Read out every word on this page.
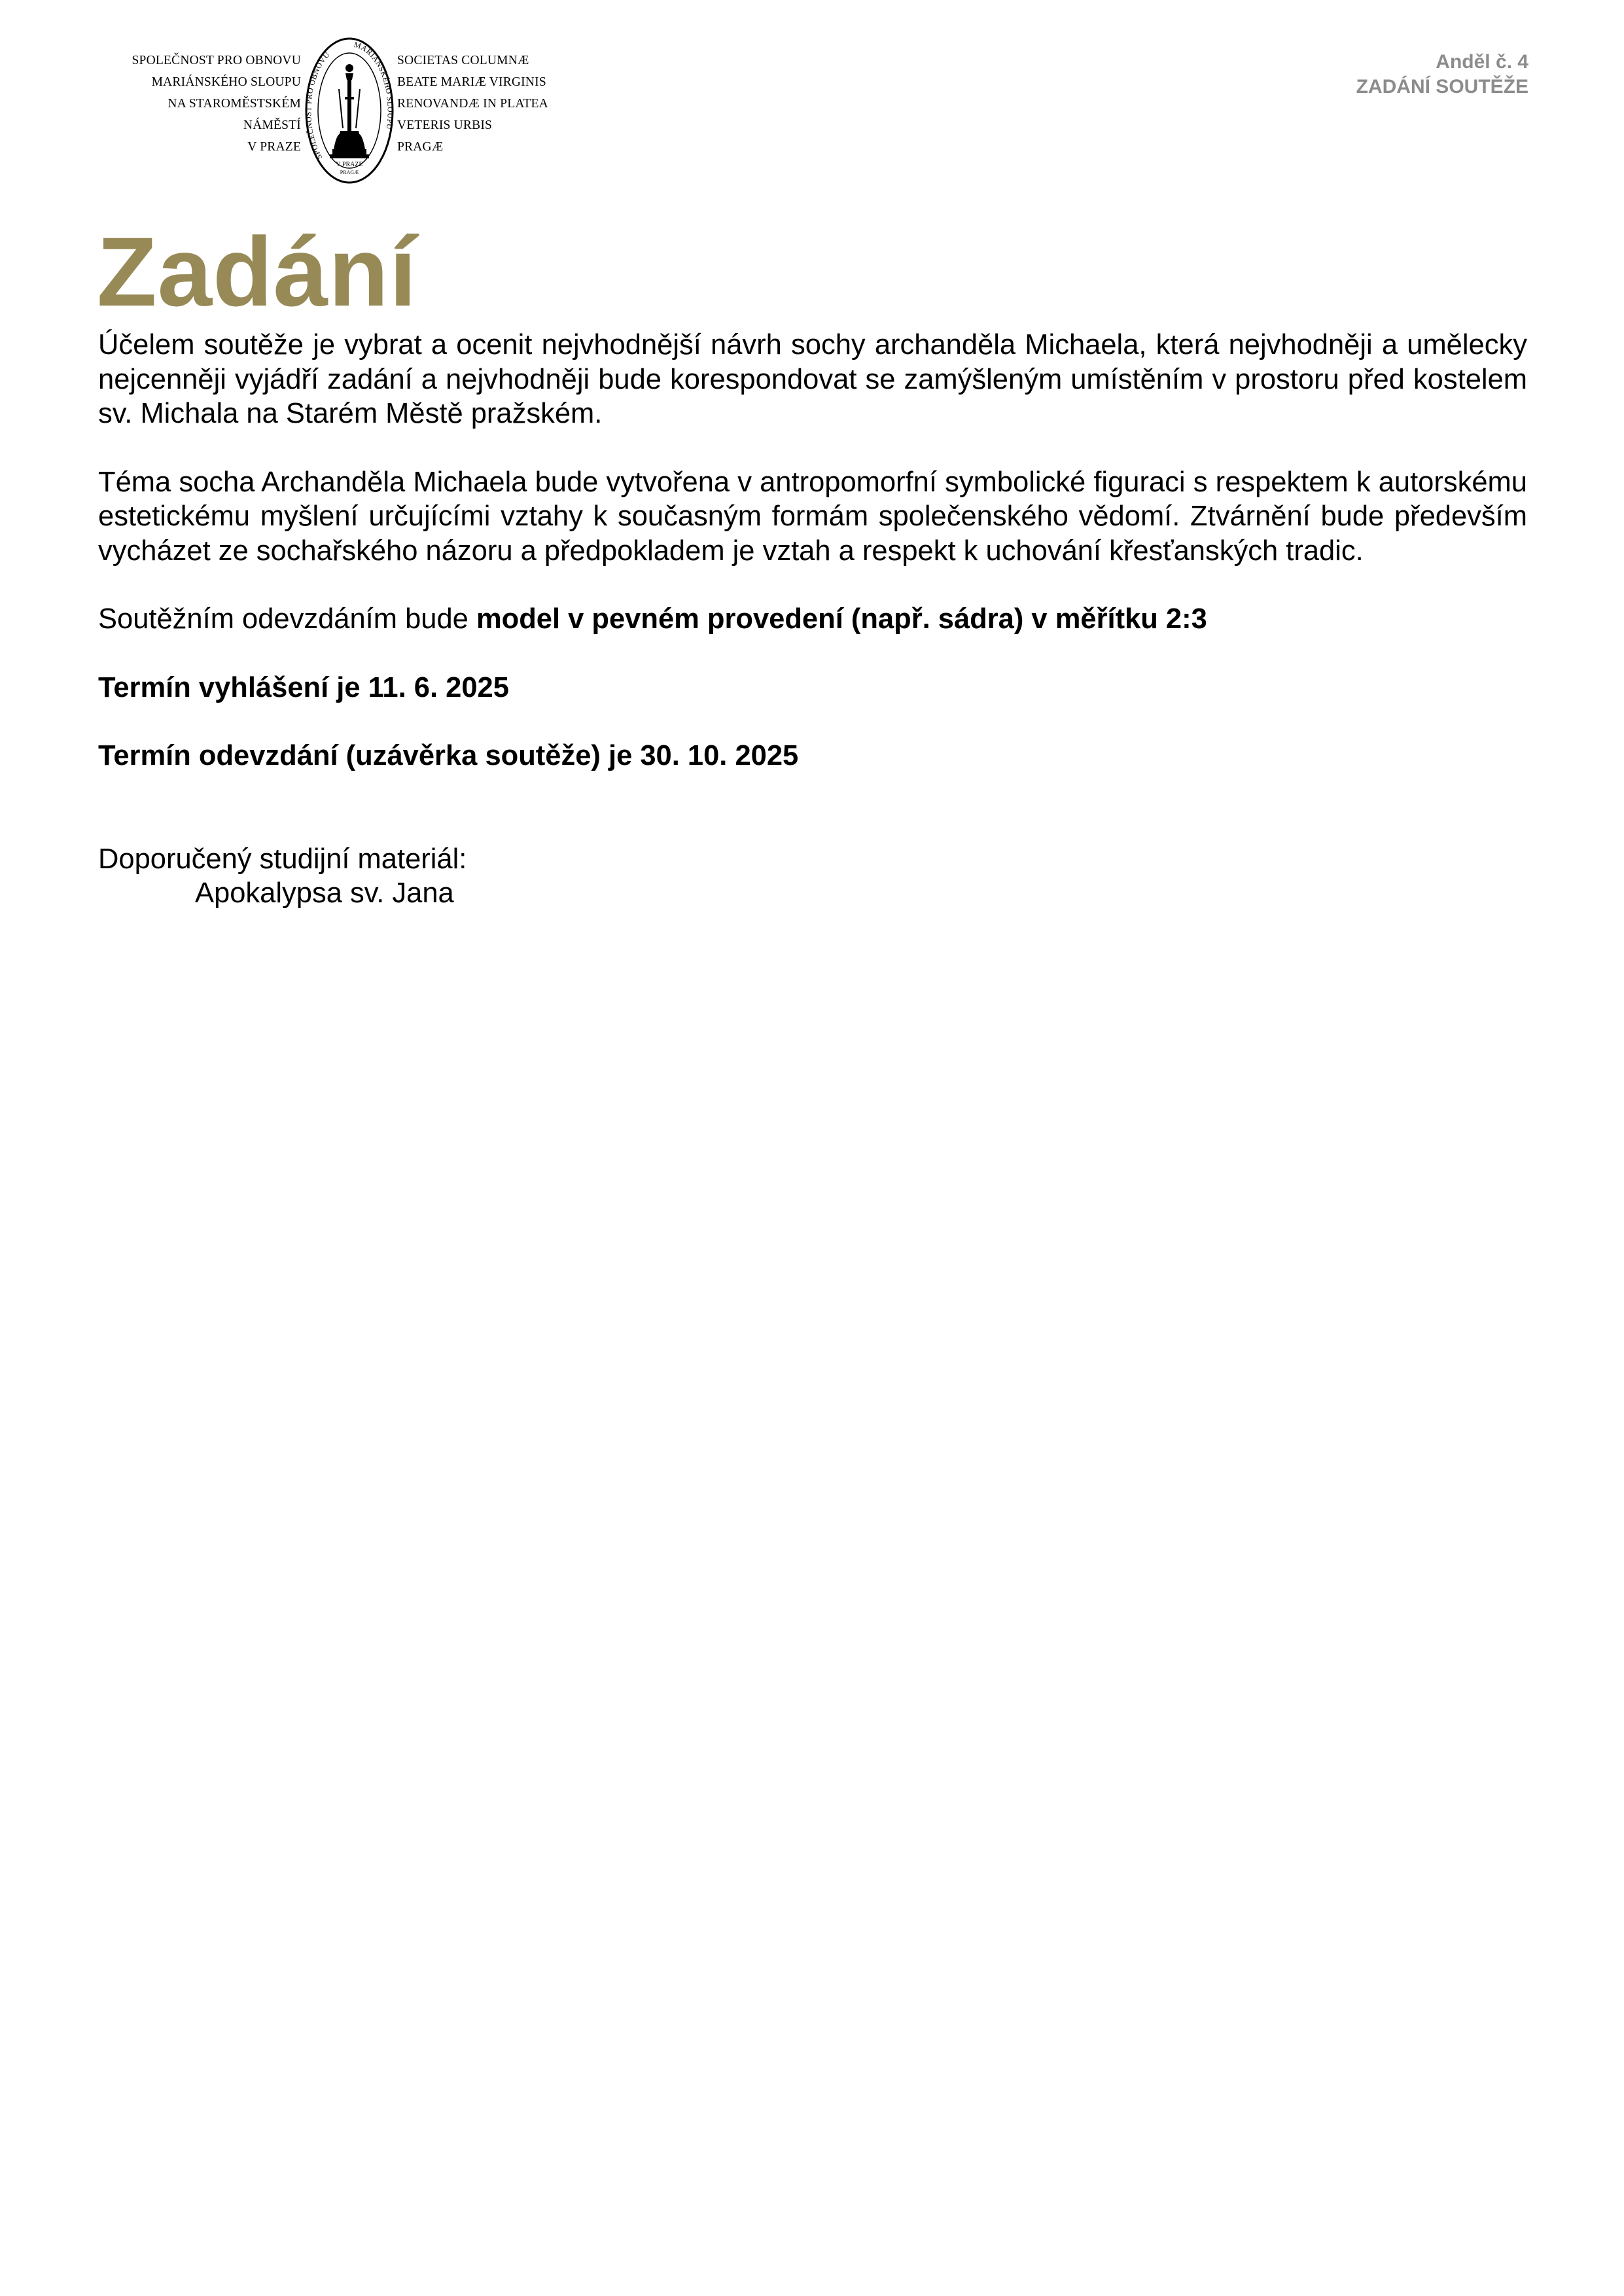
SPOLEČNOST PRO OBNOVU
MARIÁNSKÉHO SLOUPU
NA STAROMĚSTSKÉM
NÁMĚSTÍ
V PRAZE
SPOLEČNOST PRO OBNOVU
MARIÁNSKÉHO SLOUPU
V PRAZE
PRAGÆ
SOCIETAS COLUMNÆ
BEATE MARIÆ VIRGINIS
RENOVANDÆ IN PLATEA
VETERIS URBIS
PRAGÆ
Anděl č. 4
ZADÁNÍ SOUTĚŽE
Zadání

Účelem soutěže je vybrat a ocenit nejvhodnější návrh sochy archanděla Michaela, která nejvhodněji a umělecky nejcenněji vyjádří zadání a nejvhodněji bude korespondovat se zamýšleným umístěním v prostoru před kostelem sv. Michala na Starém Městě pražském.

Téma socha Archanděla Michaela bude vytvořena v antropomorfní symbolické figuraci s respektem k autorskému estetickému myšlení určujícími vztahy k současným formám společenského vědomí. Ztvárnění bude především vycházet ze sochařského názoru a předpokladem je vztah a respekt k uchování křesťanských tradic.

Soutěžním odevzdáním bude model v pevném provedení (např. sádra) v měřítku 2:3

Termín vyhlášení je 11. 6. 2025

Termín odevzdání (uzávěrka soutěže) je 30. 10. 2025

Doporučený studijní materiál:

Apokalypsa sv. Jana
